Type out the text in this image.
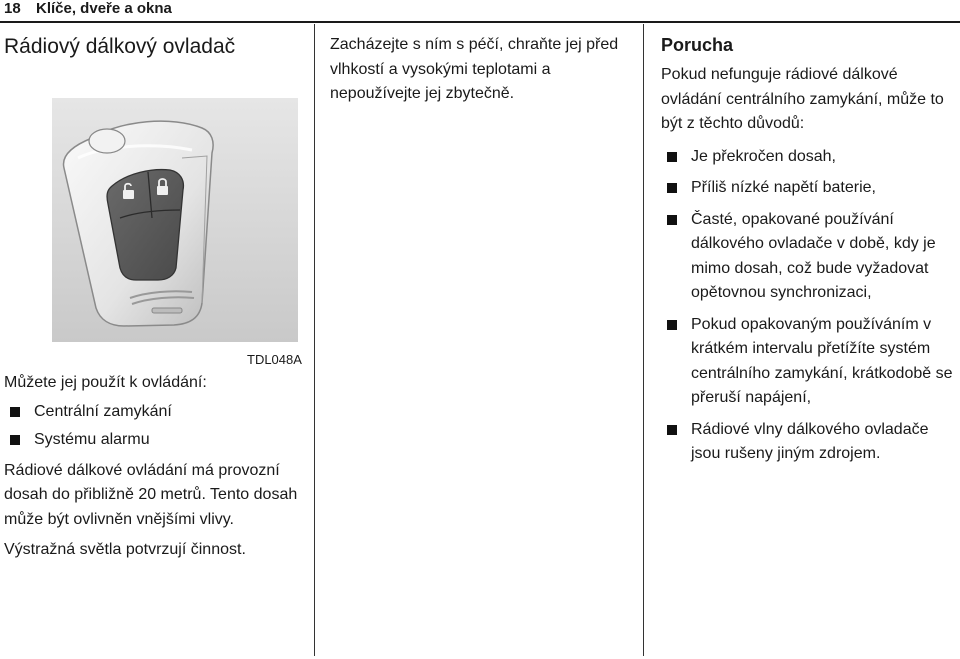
18 Klíče, dveře a okna
Rádiový dálkový ovladač
TDL048A

Můžete jej použít k ovládání:

Centrální zamykání
Systému alarmu

Rádiové dálkové ovládání má provozní dosah do přibližně 20 metrů. Tento dosah může být ovlivněn vnějšími vlivy.

Výstražná světla potvrzují činnost.

Zacházejte s ním s péčí, chraňte jej před vlhkostí a vysokými teplotami a nepoužívejte jej zbytečně.

Porucha

Pokud nefunguje rádiové dálkové ovládání centrálního zamykání, může to být z těchto důvodů:

Je překročen dosah,
Příliš nízké napětí baterie,
Časté, opakované používání dálkového ovladače v době, kdy je mimo dosah, což bude vyžadovat opětovnou synchronizaci,
Pokud opakovaným používáním v krátkém intervalu přetížíte systém centrálního zamykání, krátkodobě se přeruší napájení,
Rádiové vlny dálkového ovladače jsou rušeny jiným zdrojem.
